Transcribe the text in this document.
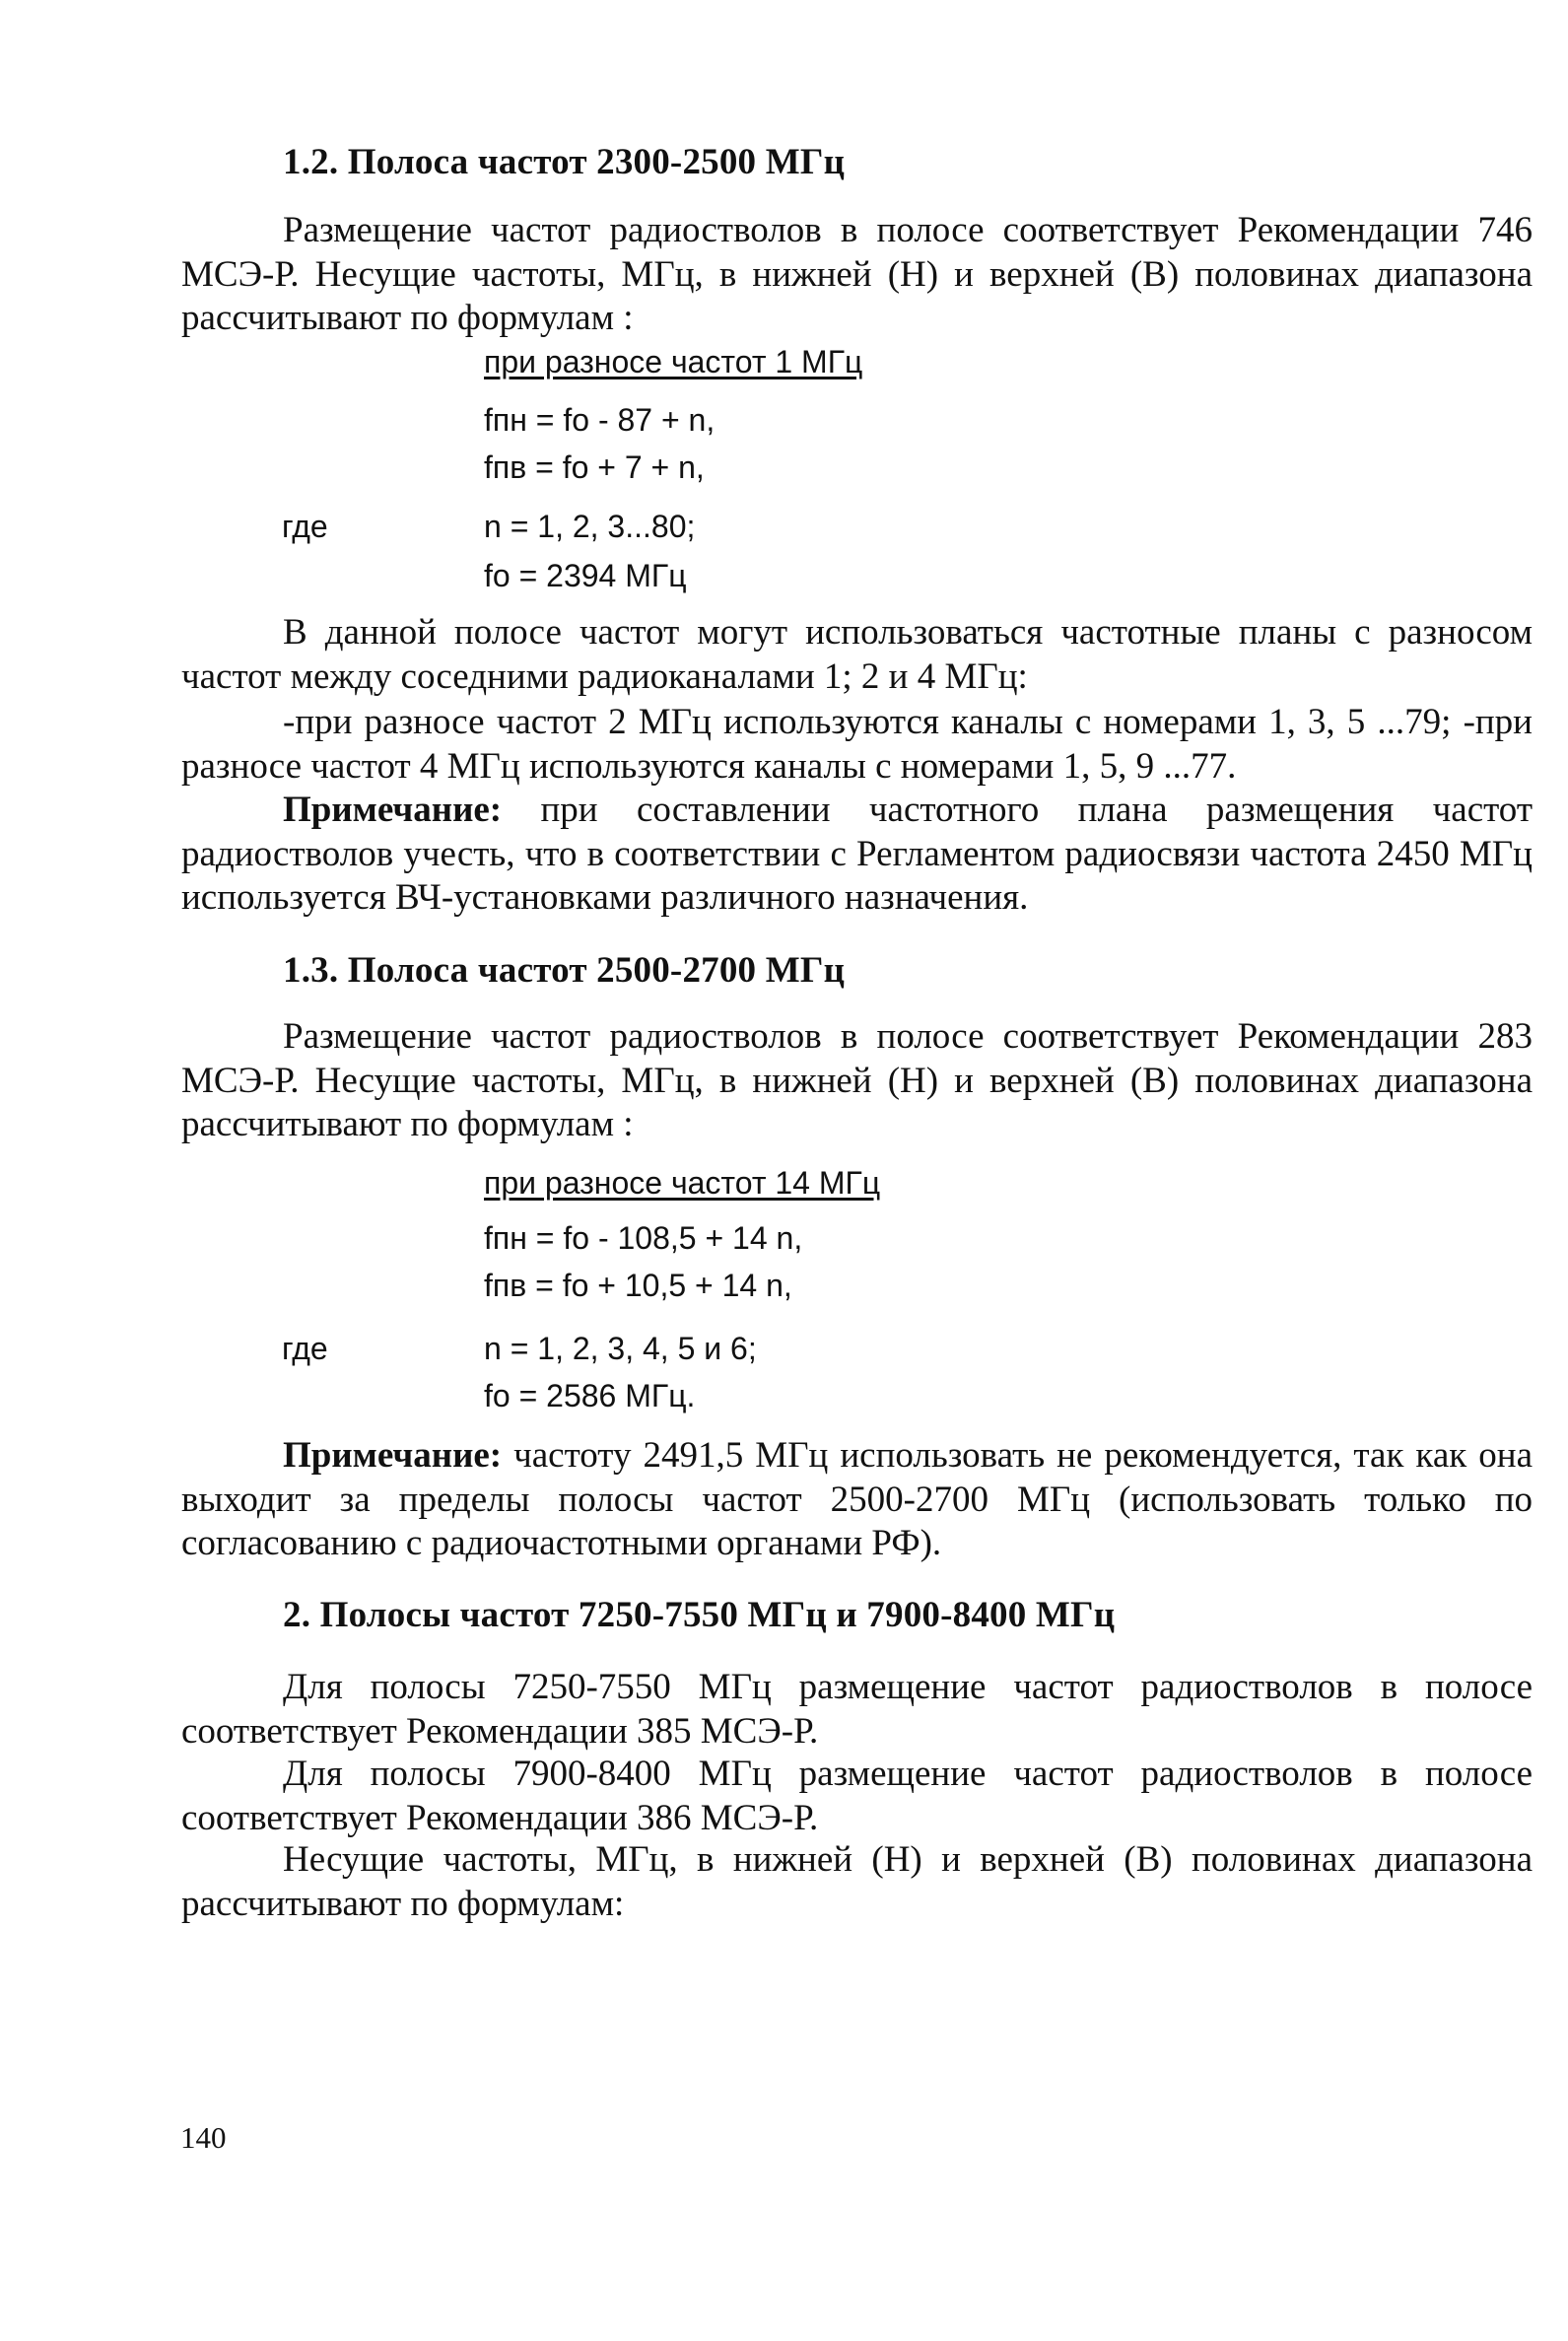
1.2. Полоса частот 2300-2500 МГц
Размещение частот радиостволов в полосе соответствует Рекомендации 746 МСЭ-Р. Несущие частоты, МГц, в нижней (Н) и верхней (В) половинах диапазона рассчитывают по формулам :
при разносе частот 1 МГц
fпн = fо - 87 + n,
fпв = fо + 7 + n,
где	n = 1, 2, 3...80;
fо = 2394 МГц
В данной полосе частот могут использоваться частотные планы с разносом частот между соседними радиоканалами 1; 2 и 4 МГц:
-при разносе частот 2 МГц используются каналы с номерами 1, 3, 5 ...79; -при разносе частот 4 МГц используются каналы с номерами 1, 5, 9 ...77.
Примечание: при составлении частотного плана размещения частот радиостволов учесть, что в соответствии с Регламентом радиосвязи частота 2450 МГц используется ВЧ-установками различного назначения.
1.3. Полоса частот 2500-2700 МГц
Размещение частот радиостволов в полосе соответствует Рекомендации 283 МСЭ-Р. Несущие частоты, МГц, в нижней (Н) и верхней (В) половинах диапазона рассчитывают по формулам :
при разносе частот 14 МГц
fпн = fо - 108,5 + 14 n,
fпв = fо + 10,5 + 14 n,
где	n = 1, 2, 3, 4, 5 и 6;
fо = 2586 МГц.
Примечание: частоту 2491,5 МГц использовать не рекомендуется, так как она выходит за пределы полосы частот 2500-2700 МГц (использовать только по согласованию с радиочастотными органами РФ).
2. Полосы частот 7250-7550 МГц и 7900-8400 МГц
Для полосы 7250-7550 МГц размещение частот радиостволов в полосе соответствует Рекомендации 385 МСЭ-Р.
Для полосы 7900-8400 МГц размещение частот радиостволов в полосе соответствует Рекомендации 386 МСЭ-Р.
Несущие частоты, МГц, в нижней (Н) и верхней (В) половинах диапазона рассчитывают по формулам:
140
